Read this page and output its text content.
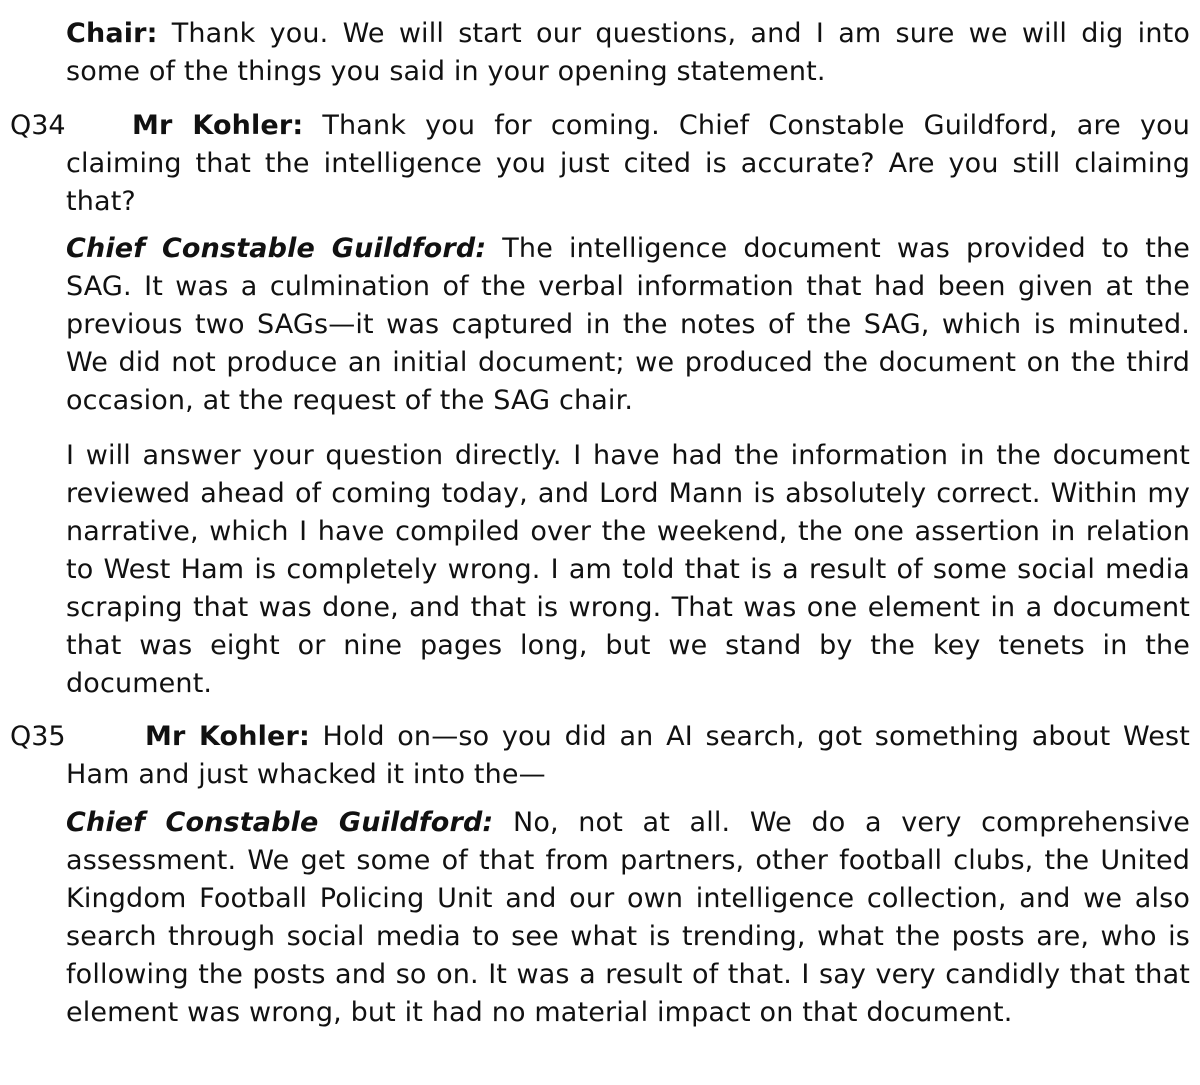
Chair: Thank you. We will start our questions, and I am sure we will dig into some of the things you said in your opening statement.

Q34	Mr Kohler: Thank you for coming. Chief Constable Guildford, are you claiming that the intelligence you just cited is accurate? Are you still claiming that?

Chief Constable Guildford: The intelligence document was provided to the SAG. It was a culmination of the verbal information that had been given at the previous two SAGs—it was captured in the notes of the SAG, which is minuted. We did not produce an initial document; we produced the document on the third occasion, at the request of the SAG chair.

I will answer your question directly. I have had the information in the document reviewed ahead of coming today, and Lord Mann is absolutely correct. Within my narrative, which I have compiled over the weekend, the one assertion in relation to West Ham is completely wrong. I am told that is a result of some social media scraping that was done, and that is wrong. That was one element in a document that was eight or nine pages long, but we stand by the key tenets in the document.

Q35	Mr Kohler: Hold on—so you did an AI search, got something about West Ham and just whacked it into the—

Chief Constable Guildford: No, not at all. We do a very comprehensive assessment. We get some of that from partners, other football clubs, the United Kingdom Football Policing Unit and our own intelligence collection, and we also search through social media to see what is trending, what the posts are, who is following the posts and so on. It was a result of that. I say very candidly that that element was wrong, but it had no material impact on that document.
